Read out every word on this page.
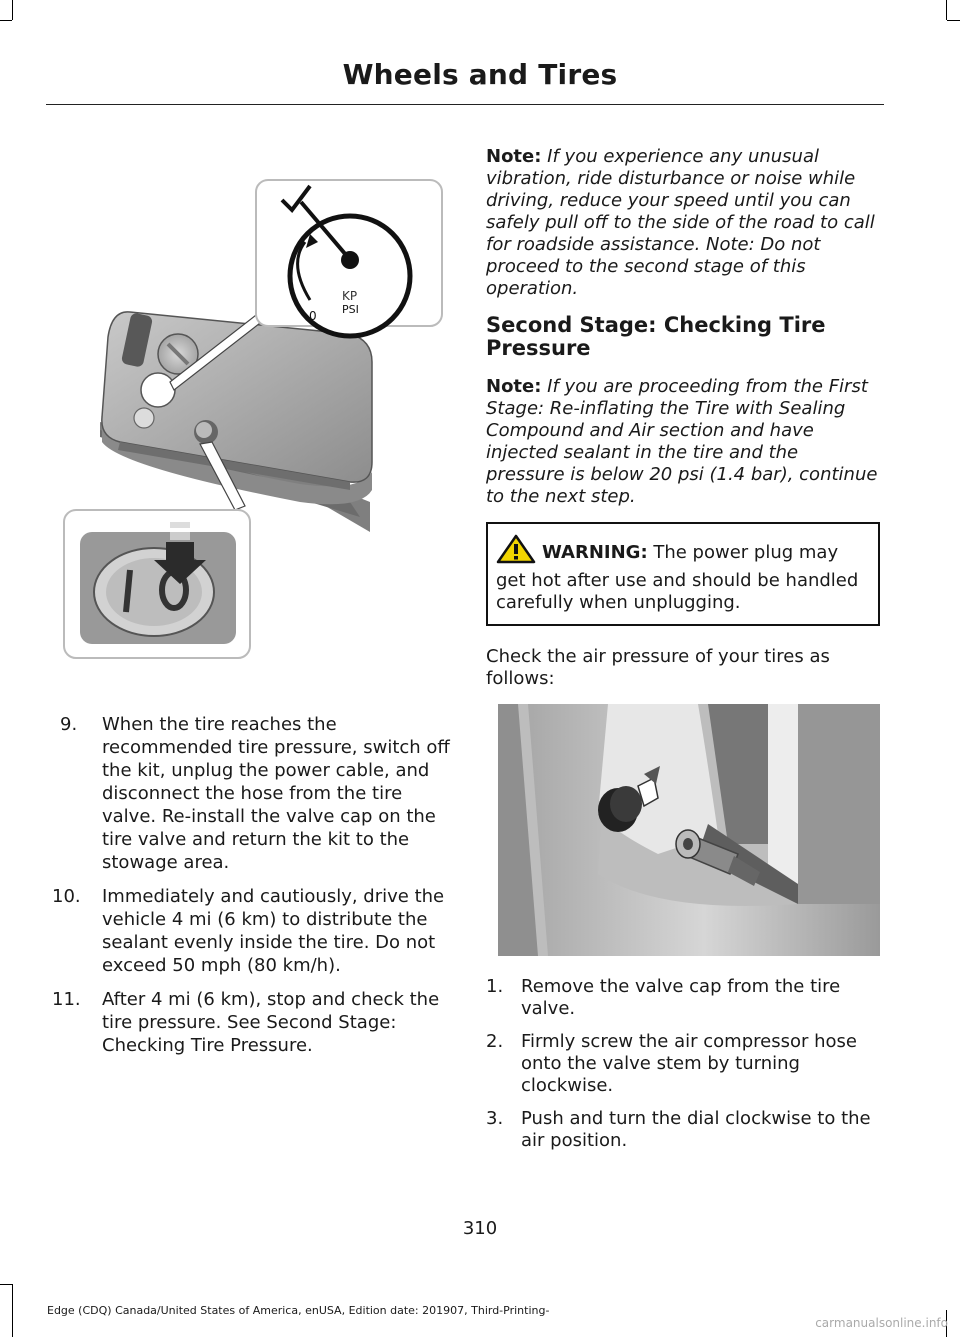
Wheels and Tires
KP
PSI
0
9.	When the tire reaches the recommended tire pressure, switch off the kit, unplug the power cable, and disconnect the hose from the tire valve. Re-install the valve cap on the tire valve and return the kit to the stowage area.
10.	Immediately and cautiously, drive the vehicle 4 mi (6 km) to distribute the sealant evenly inside the tire. Do not exceed 50 mph (80 km/h).
11.	After 4 mi (6 km), stop and check the tire pressure. See Second Stage: Checking Tire Pressure.

Note: If you experience any unusual vibration, ride disturbance or noise while driving, reduce your speed until you can safely pull off to the side of the road to call for roadside assistance. Note: Do not proceed to the second stage of this operation.

Second Stage: Checking Tire Pressure

Note: If you are proceeding from the First Stage: Re-inflating the Tire with Sealing Compound and Air section and have injected sealant in the tire and the pressure is below 20 psi (1.4 bar), continue to the next step.

WARNING: The power plug may get hot after use and should be handled carefully when unplugging.

Check the air pressure of your tires as follows:

1. Remove the valve cap from the tire valve.
2. Firmly screw the air compressor hose onto the valve stem by turning clockwise.
3. Push and turn the dial clockwise to the air position.
310
Edge (CDQ) Canada/United States of America, enUSA, Edition date: 201907, Third-Printing-
carmanualsonline.info
